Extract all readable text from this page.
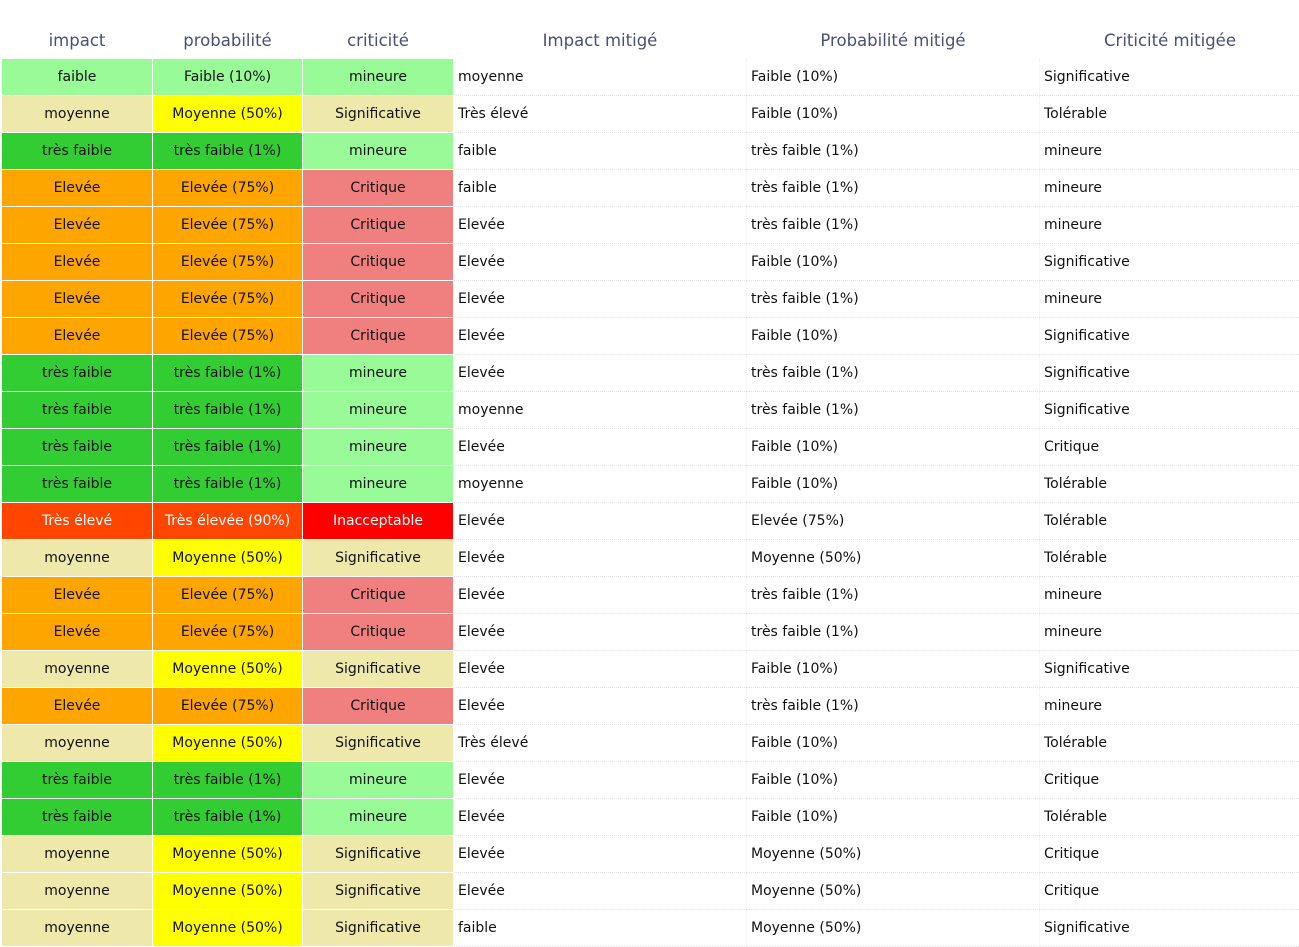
impact	probabilité	criticité	Impact mitigé	Probabilité mitigé	Criticité mitigée
faible	Faible (10%)	mineure	moyenne	Faible (10%)	Significative
moyenne	Moyenne (50%)	Significative	Très élevé	Faible (10%)	Tolérable
très faible	très faible (1%)	mineure	faible	très faible (1%)	mineure
Elevée	Elevée (75%)	Critique	faible	très faible (1%)	mineure
Elevée	Elevée (75%)	Critique	Elevée	très faible (1%)	mineure
Elevée	Elevée (75%)	Critique	Elevée	Faible (10%)	Significative
Elevée	Elevée (75%)	Critique	Elevée	très faible (1%)	mineure
Elevée	Elevée (75%)	Critique	Elevée	Faible (10%)	Significative
très faible	très faible (1%)	mineure	Elevée	très faible (1%)	Significative
très faible	très faible (1%)	mineure	moyenne	très faible (1%)	Significative
très faible	très faible (1%)	mineure	Elevée	Faible (10%)	Critique
très faible	très faible (1%)	mineure	moyenne	Faible (10%)	Tolérable
Très élevé	Très élevée (90%)	Inacceptable	Elevée	Elevée (75%)	Tolérable
moyenne	Moyenne (50%)	Significative	Elevée	Moyenne (50%)	Tolérable
Elevée	Elevée (75%)	Critique	Elevée	très faible (1%)	mineure
Elevée	Elevée (75%)	Critique	Elevée	très faible (1%)	mineure
moyenne	Moyenne (50%)	Significative	Elevée	Faible (10%)	Significative
Elevée	Elevée (75%)	Critique	Elevée	très faible (1%)	mineure
moyenne	Moyenne (50%)	Significative	Très élevé	Faible (10%)	Tolérable
très faible	très faible (1%)	mineure	Elevée	Faible (10%)	Critique
très faible	très faible (1%)	mineure	Elevée	Faible (10%)	Tolérable
moyenne	Moyenne (50%)	Significative	Elevée	Moyenne (50%)	Critique
moyenne	Moyenne (50%)	Significative	Elevée	Moyenne (50%)	Critique
moyenne	Moyenne (50%)	Significative	faible	Moyenne (50%)	Significative
